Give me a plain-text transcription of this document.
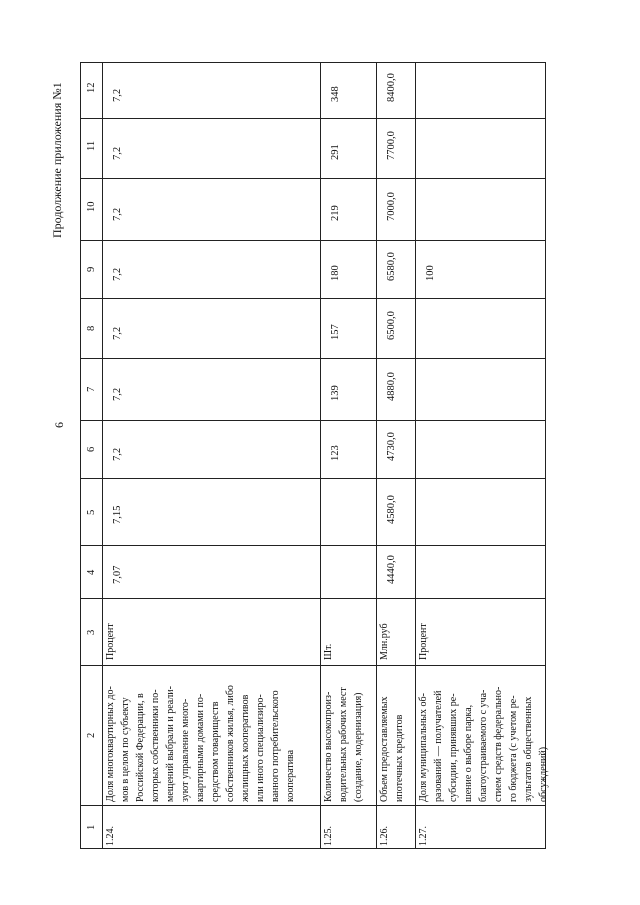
6
Продолжение приложения №1
1
2
3
4
5
6
7
8
9
10
11
12
1.24.
Доля многоквартирных до- мов в целом по субъекту Российской Федерации, в которых собственники по- мещений выбрали и реали- зуют управление много- квартирными домами по- средством товариществ собственников жилья, либо жилищных кооперативов или иного специализиро- ванного потребительского кооператива
Процент
7,07
7,15
7,2
7,2
7,2
7,2
7,2
7,2
7,2
1.25.
Количество высокопроиз- водительных рабочих мест (создание, модернизация)
Шт.
123
139
157
180
219
291
348
1.26.
Объем предоставляемых ипотечных кредитов
Млн.руб
4440,0
4580,0
4730,0
4880,0
6500,0
6580,0
7000,0
7700,0
8400,0
1.27.
Доля муниципальных об- разований — получателей субсидии, принявших ре- шение о выборе парка, благоустраиваемого с уча- стием средств федерально- го бюджета (с учетом ре- зультатов общественных обсуждений)
Процент
100
